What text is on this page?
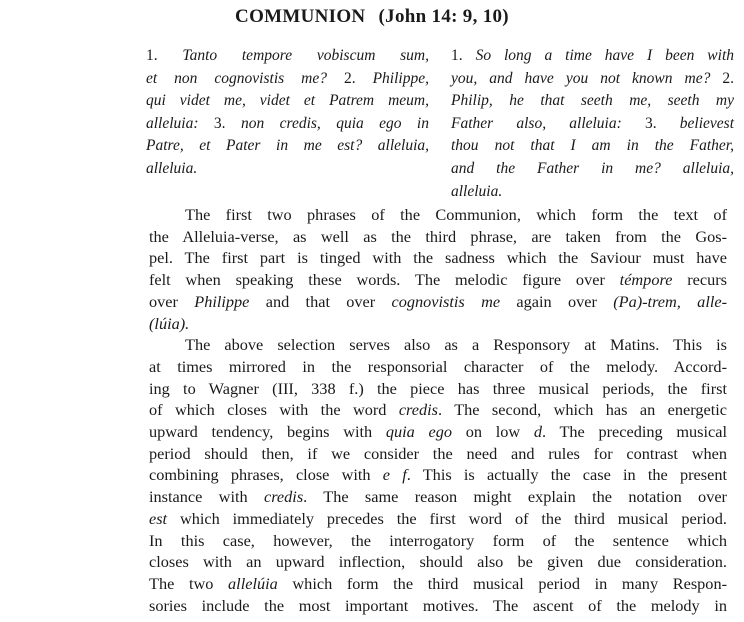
COMMUNION (John 14: 9, 10)
1. Tanto tempore vobiscum sum,
et non cognovistis me? 2. Philippe,
qui videt me, videt et Patrem meum,
alleluia: 3. non credis, quia ego in
Patre, et Pater in me est? alleluia,
alleluia.
1. So long a time have I been with
you, and have you not known me? 2.
Philip, he that seeth me, seeth my
Father also, alleluia: 3. believest
thou not that I am in the Father,
and the Father in me? alleluia,
alleluia.
The first two phrases of the Communion, which form the text of
the Alleluia-verse, as well as the third phrase, are taken from the Gos-
pel. The first part is tinged with the sadness which the Saviour must have
felt when speaking these words. The melodic figure over témpore recurs
over Philippe and that over cognovistis me again over (Pa)-trem, alle-
(lúia).
The above selection serves also as a Responsory at Matins. This is
at times mirrored in the responsorial character of the melody. Accord-
ing to Wagner (III, 338 f.) the piece has three musical periods, the first
of which closes with the word credis. The second, which has an energetic
upward tendency, begins with quia ego on low d. The preceding musical
period should then, if we consider the need and rules for contrast when
combining phrases, close with e f. This is actually the case in the present
instance with credis. The same reason might explain the notation over
est which immediately precedes the first word of the third musical period.
In this case, however, the interrogatory form of the sentence which
closes with an upward inflection, should also be given due consideration.
The two allelúia which form the third musical period in many Respon-
sories include the most important motives. The ascent of the melody in
